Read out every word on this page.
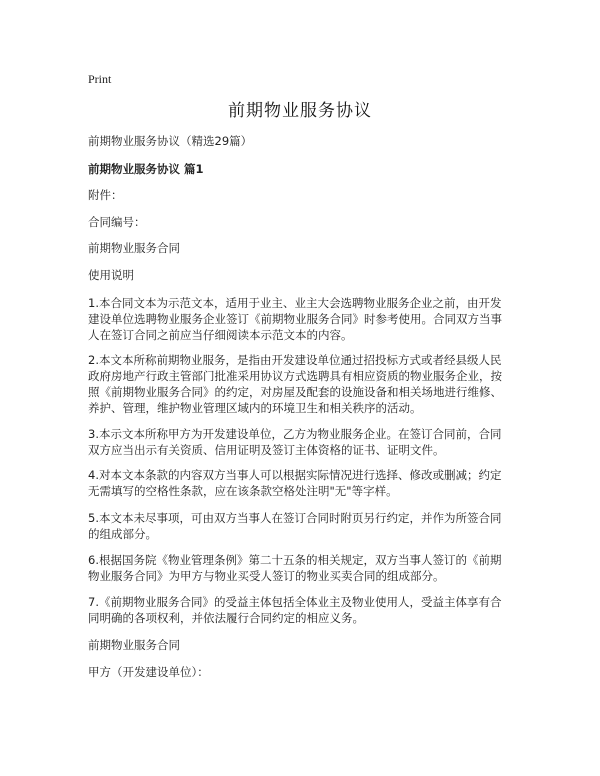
Print
前期物业服务协议
前期物业服务协议（精选29篇）
前期物业服务协议 篇1
附件：
合同编号：
前期物业服务合同
使用说明
1.本合同文本为示范文本，适用于业主、业主大会选聘物业服务企业之前，由开发
建设单位选聘物业服务企业签订《前期物业服务合同》时参考使用。合同双方当事
人在签订合同之前应当仔细阅读本示范文本的内容。
2.本文本所称前期物业服务，是指由开发建设单位通过招投标方式或者经县级人民
政府房地产行政主管部门批准采用协议方式选聘具有相应资质的物业服务企业，按
照《前期物业服务合同》的约定，对房屋及配套的设施设备和相关场地进行维修、
养护、管理，维护物业管理区域内的环境卫生和相关秩序的活动。
3.本示文本所称甲方为开发建设单位，乙方为物业服务企业。在签订合同前，合同
双方应当出示有关资质、信用证明及签订主体资格的证书、证明文件。
4.对本文本条款的内容双方当事人可以根据实际情况进行选择、修改或删减；约定
无需填写的空格性条款，应在该条款空格处注明"无"等字样。
5.本文本未尽事项，可由双方当事人在签订合同时附页另行约定，并作为所签合同
的组成部分。
6.根据国务院《物业管理条例》第二十五条的相关规定，双方当事人签订的《前期
物业服务合同》为甲方与物业买受人签订的物业买卖合同的组成部分。
7.《前期物业服务合同》的受益主体包括全体业主及物业使用人，受益主体享有合
同明确的各项权利，并依法履行合同约定的相应义务。
前期物业服务合同
甲方（开发建设单位）：
